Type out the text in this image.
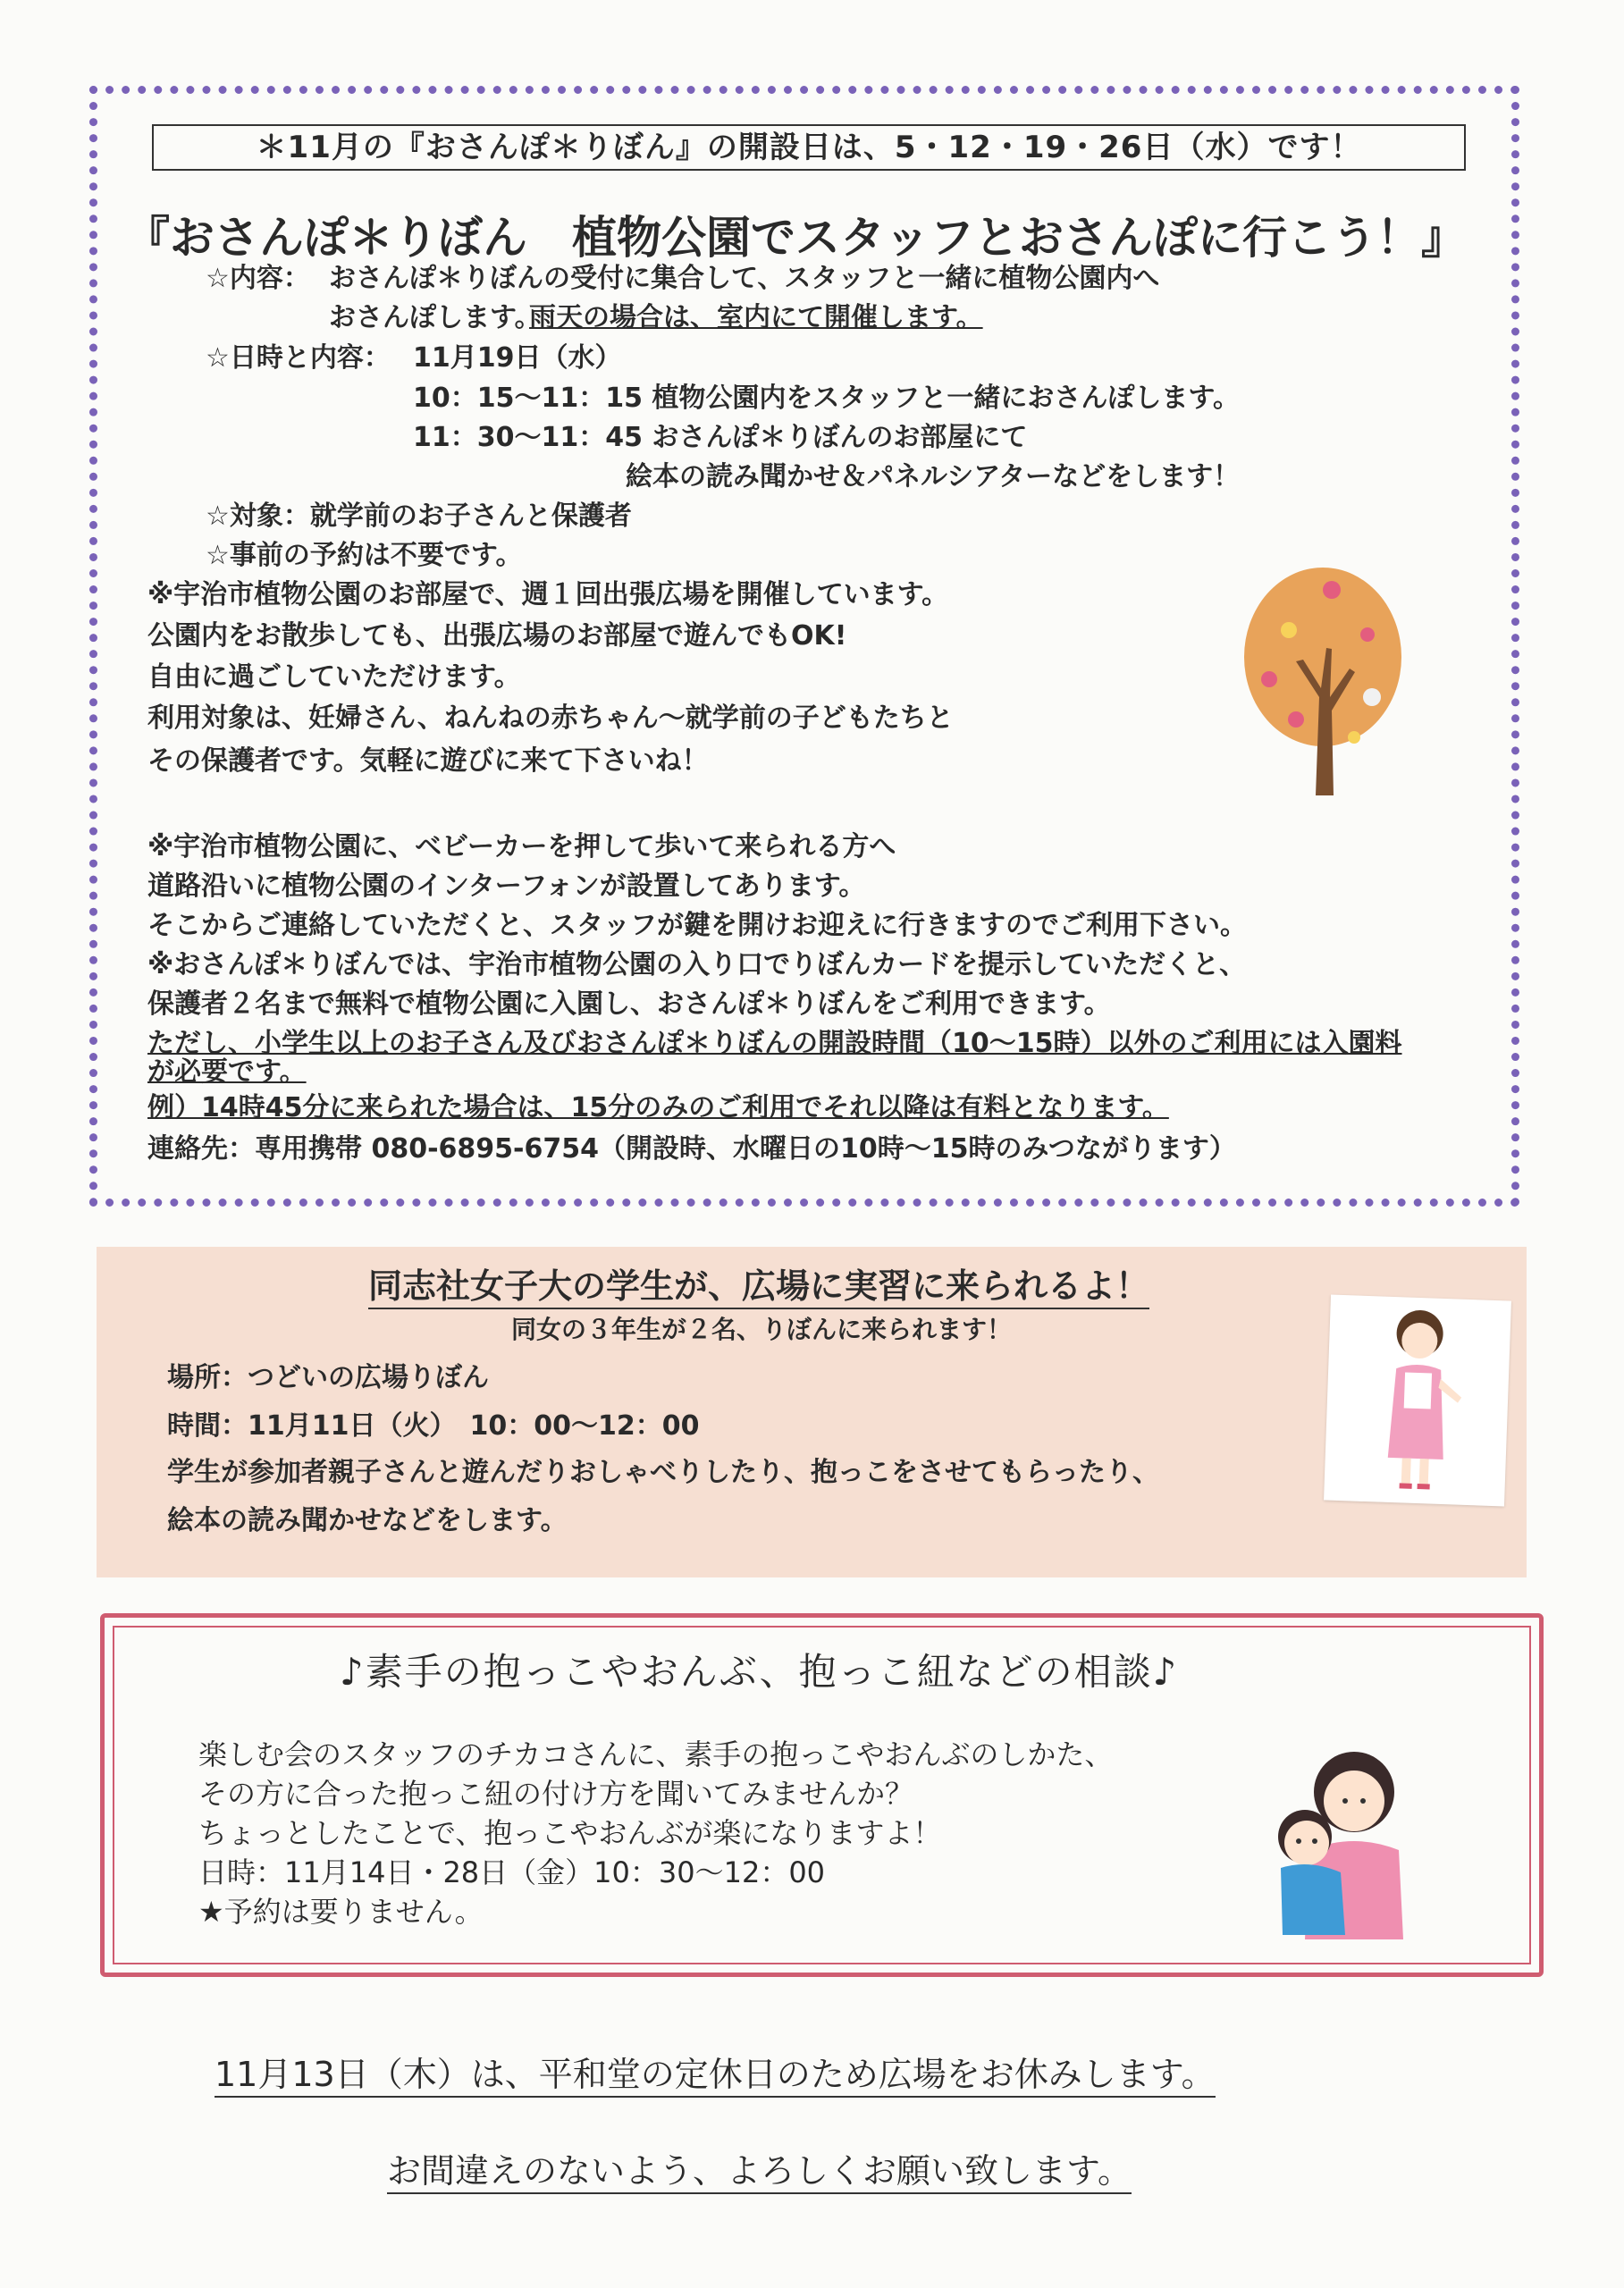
＊11月の『おさんぽ＊りぼん』の開設日は、5・12・19・26日（水）です！
『おさんぽ＊りぼん　植物公園でスタッフとおさんぽに行こう！』
☆内容： おさんぽ＊りぼんの受付に集合して、スタッフと一緒に植物公園内へ
おさんぽします。
雨天の場合は、室内にて開催します。
☆日時と内容： 11月19日（水）
10：15～11：15 植物公園内をスタッフと一緒におさんぽします。
11：30～11：45 おさんぽ＊りぼんのお部屋にて
絵本の読み聞かせ＆パネルシアターなどをします！
☆対象：就学前のお子さんと保護者
☆事前の予約は不要です。
※宇治市植物公園のお部屋で、週１回出張広場を開催しています。
公園内をお散歩しても、出張広場のお部屋で遊んでもOK!
自由に過ごしていただけます。
利用対象は、妊婦さん、ねんねの赤ちゃん～就学前の子どもたちと
その保護者です。気軽に遊びに来て下さいね！
※宇治市植物公園に、ベビーカーを押して歩いて来られる方へ
道路沿いに植物公園のインターフォンが設置してあります。
そこからご連絡していただくと、スタッフが鍵を開けお迎えに行きますのでご利用下さい。
※おさんぽ＊りぼんでは、宇治市植物公園の入り口でりぼんカードを提示していただくと、
保護者２名まで無料で植物公園に入園し、おさんぽ＊りぼんをご利用できます。
ただし、小学生以上のお子さん及びおさんぽ＊りぼんの開設時間（10～15時）以外のご利用には入園料
が必要です。
例）14時45分に来られた場合は、15分のみのご利用でそれ以降は有料となります。
連絡先：専用携帯 080-6895-6754（開設時、水曜日の10時～15時のみつながります）
同志社女子大の学生が、広場に実習に来られるよ！
同女の３年生が２名、りぼんに来られます！
場所：つどいの広場りぼん
時間：11月11日（火）　10：00～12：00
学生が参加者親子さんと遊んだりおしゃべりしたり、抱っこをさせてもらったり、
絵本の読み聞かせなどをします。
♪素手の抱っこやおんぶ、抱っこ紐などの相談♪
楽しむ会のスタッフのチカコさんに、素手の抱っこやおんぶのしかた、
その方に合った抱っこ紐の付け方を聞いてみませんか？
ちょっとしたことで、抱っこやおんぶが楽になりますよ！
日時：11月14日・28日（金）10：30～12：00
★予約は要りません。
11月13日（木）は、平和堂の定休日のため広場をお休みします。
お間違えのないよう、よろしくお願い致します。
